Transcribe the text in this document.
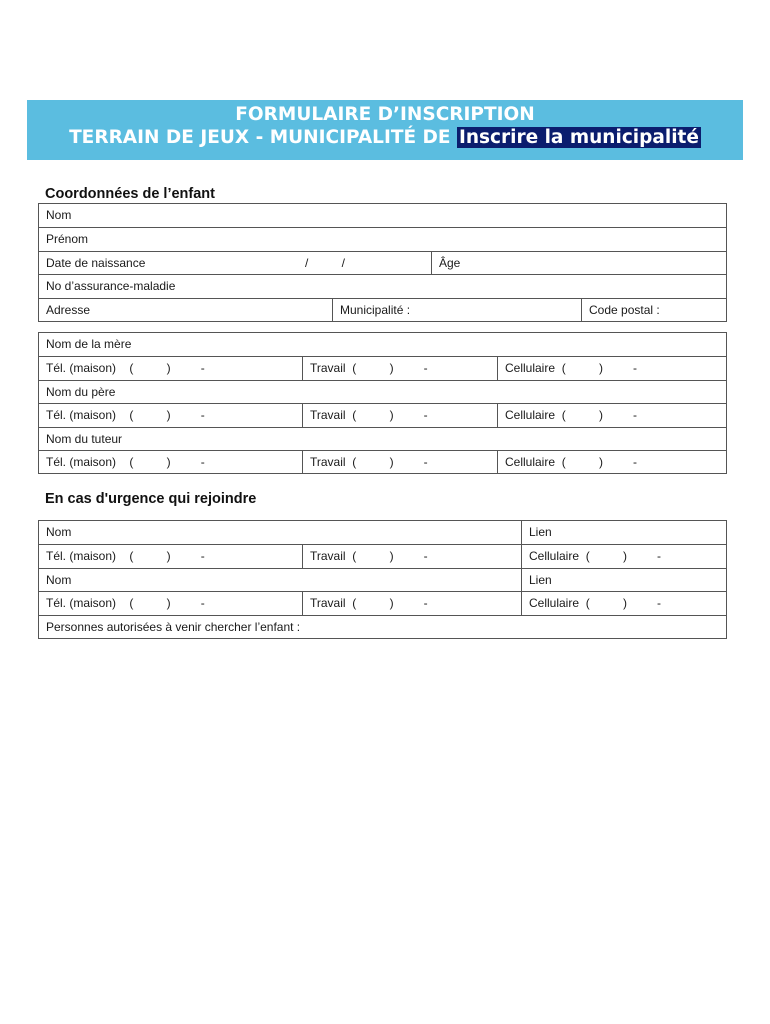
FORMULAIRE D’INSCRIPTION
TERRAIN DE JEUX - MUNICIPALITÉ DE Inscrire la municipalité
Coordonnées de l’enfant
Nom
Prénom
Date de naissance	/          /	Âge
No d’assurance-maladie
Adresse	Municipalité :	Code postal :
Nom de la mère
Tél. (maison)    (          )         -	Travail  (          )         -	Cellulaire  (          )         -
Nom du père
Tél. (maison)    (          )         -	Travail  (          )         -	Cellulaire  (          )         -
Nom du tuteur
Tél. (maison)    (          )         -	Travail  (          )         -	Cellulaire  (          )         -
En cas d'urgence qui rejoindre
Nom	Lien
Tél. (maison)    (          )         -	Travail  (          )         -	Cellulaire  (          )         -
Nom	Lien
Tél. (maison)    (          )         -	Travail  (          )         -	Cellulaire  (          )         -
Personnes autorisées à venir chercher l’enfant :
